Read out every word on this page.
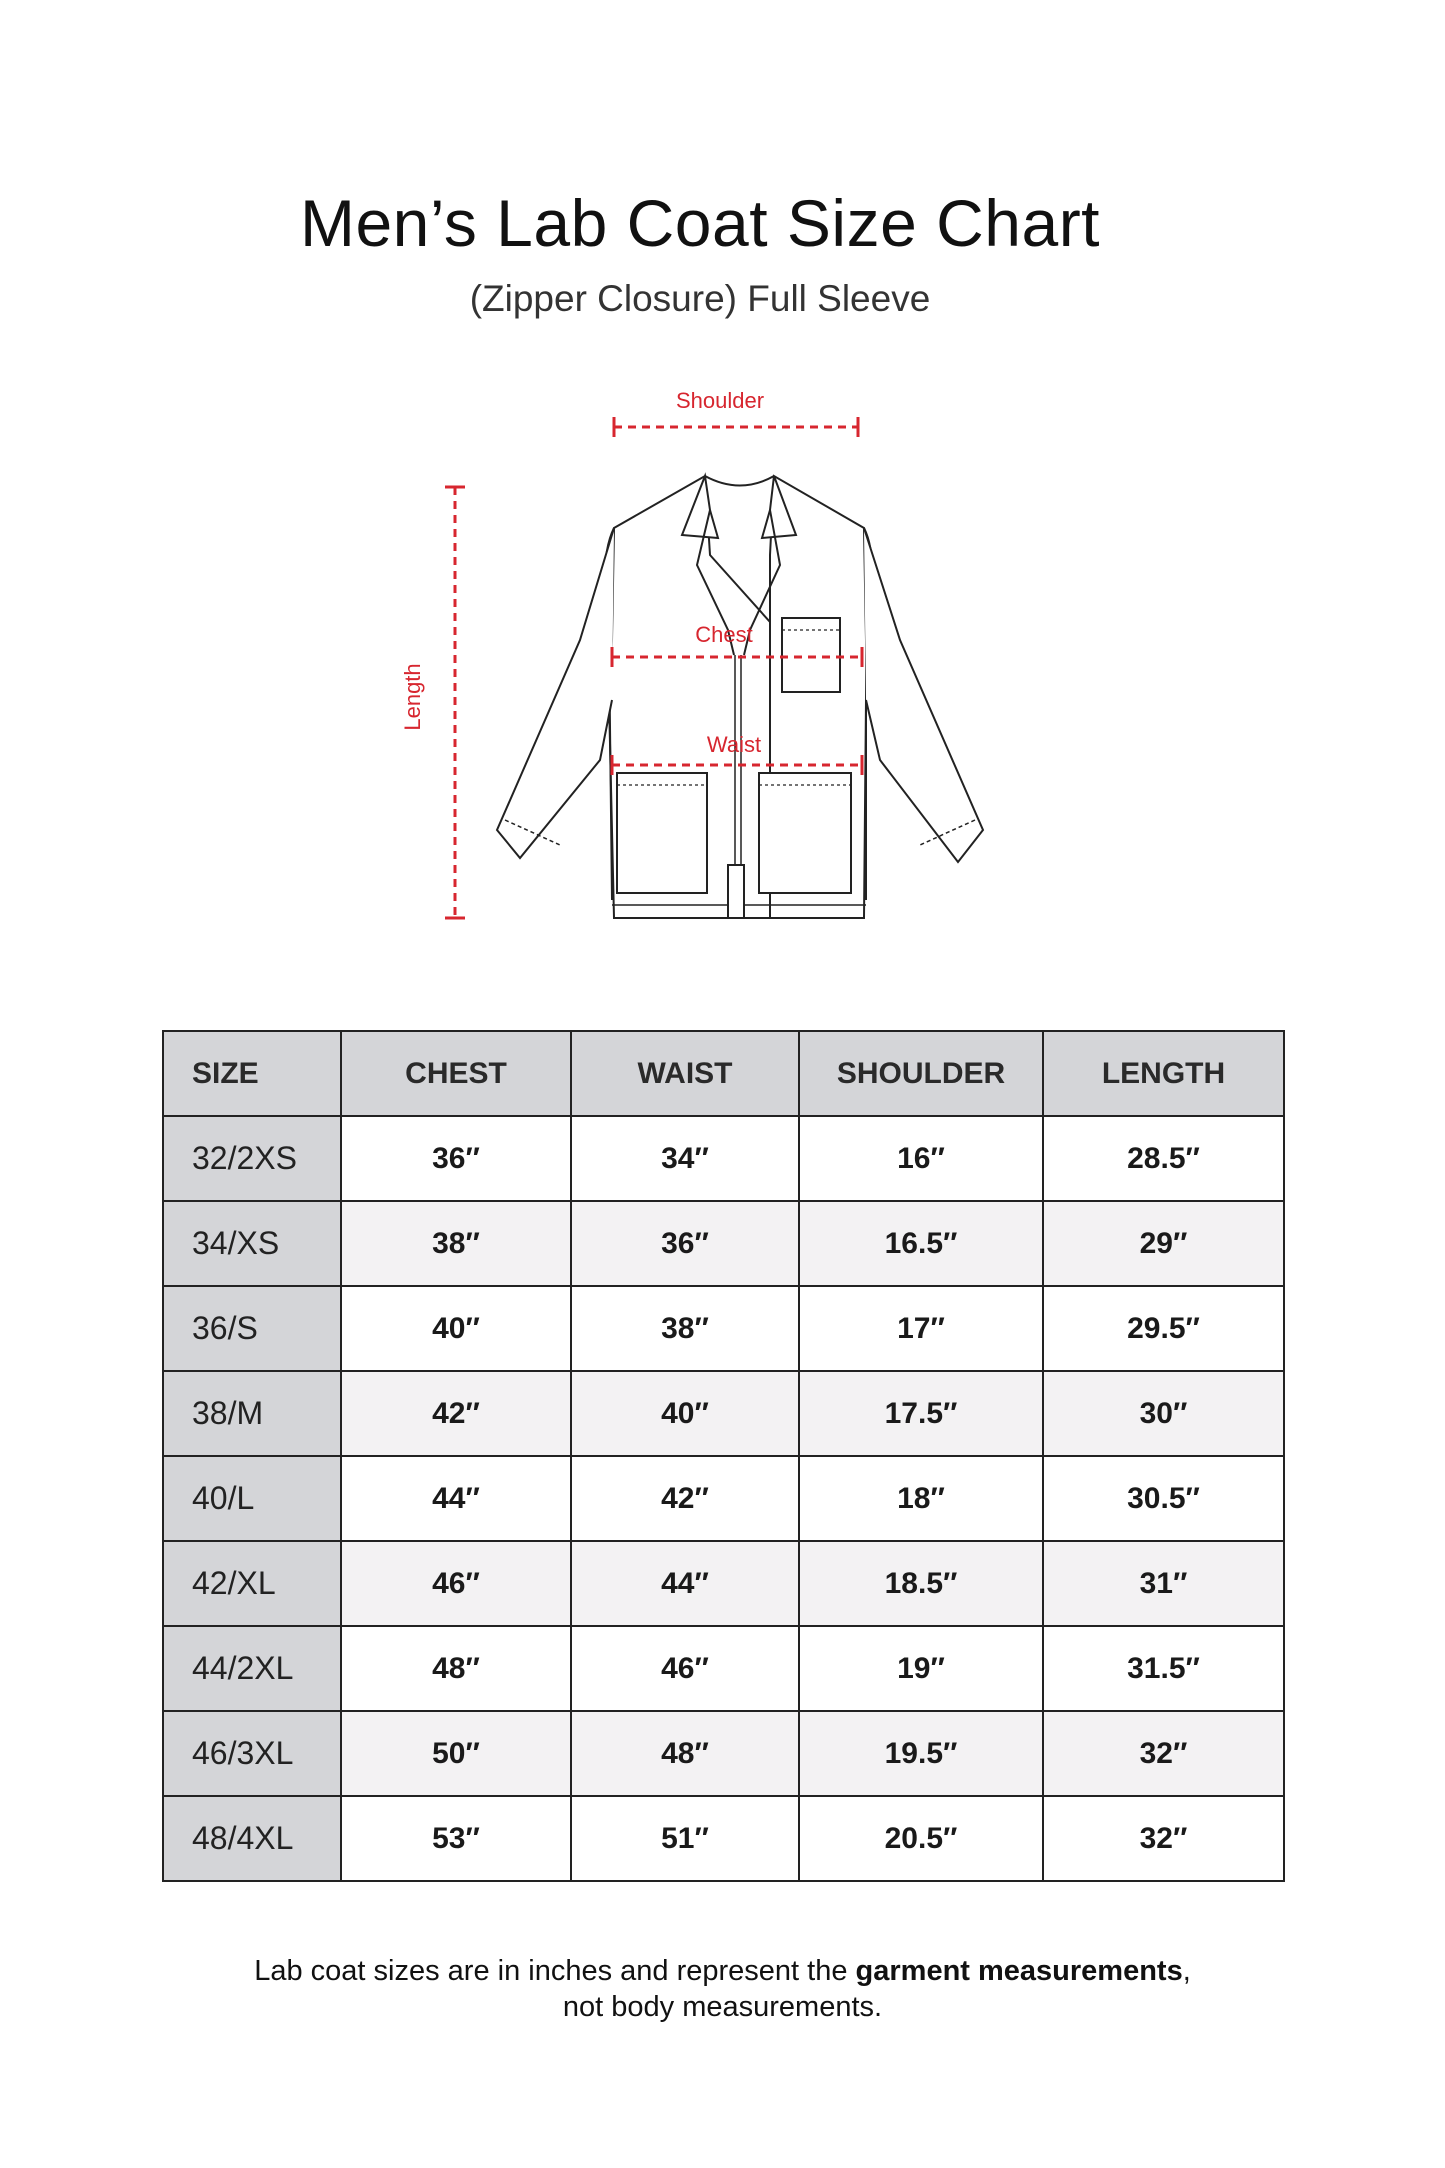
Men’s Lab Coat Size Chart

(Zipper Closure) Full Sleeve

Shoulder
Chest
Waist
Length
SIZE	CHEST	WAIST	SHOULDER	LENGTH
32/2XS	36″	34″	16″	28.5″
34/XS	38″	36″	16.5″	29″
36/S	40″	38″	17″	29.5″
38/M	42″	40″	17.5″	30″
40/L	44″	42″	18″	30.5″
42/XL	46″	44″	18.5″	31″
44/2XL	48″	46″	19″	31.5″
46/3XL	50″	48″	19.5″	32″
48/4XL	53″	51″	20.5″	32″

Lab coat sizes are in inches and represent the garment measurements,
not body measurements.
